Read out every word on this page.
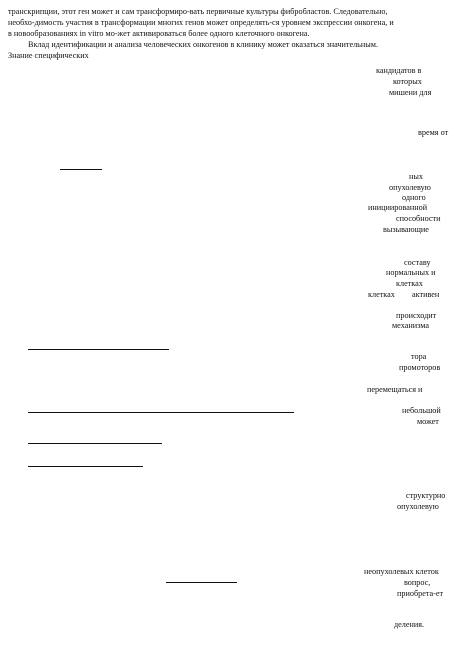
транскрипции, этот ген может и сам трансформиро-вать первичные культуры фибробластов. Следовательно,
необхо-димость участия в трансформации многих генов может определять-ся уровнем экспрессии онкогена, и
в новообразованиях in vitro мо-жет активироваться более одного клеточного онкогена.
Вклад идентификации и анализа человеческих онкогенов в клинику может оказаться значительным.
Знание специфических
кандидатов в
которых
мишени для
время от
ных
опухолевую
одного
инициированной
способности
вызывающие
составу
нормальных и
клетках
клетках активен
происходит
механизма
тора
промоторов
перемещаться и
небольшой
может
структурно
опухолевую
неопухолевых клеток
вопрос,
приобрета-ет
деления.
